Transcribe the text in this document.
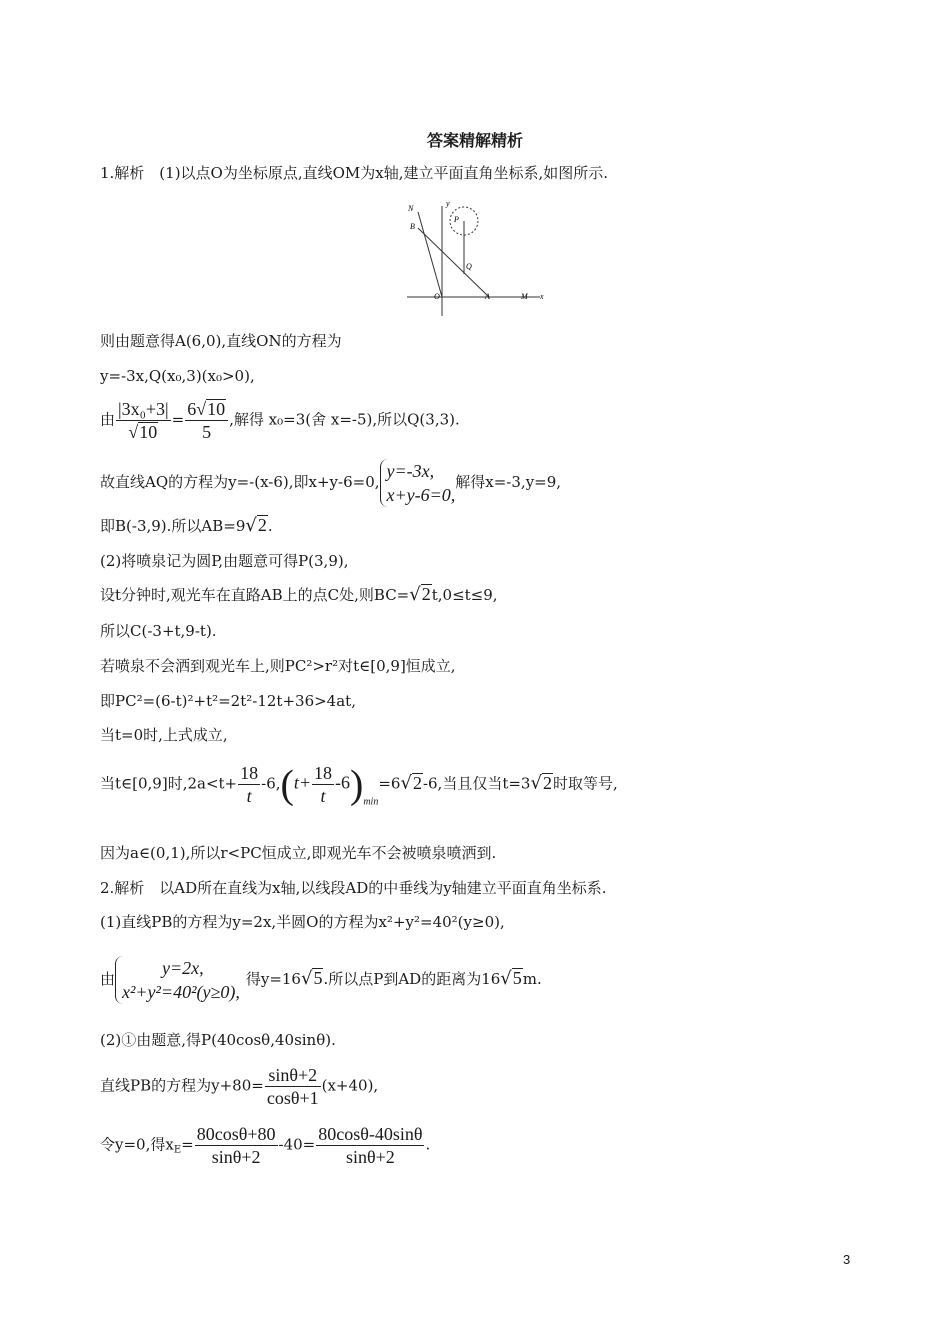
答案精解精析
1.解析　(1)以点O为坐标原点,直线OM为x轴,建立平面直角坐标系,如图所示.
N
B
y
P
Q
O	A	M x
则由题意得A(6,0),直线ON的方程为
y=-3x,Q(x₀,3)(x₀>0),
由 $\frac{\text{|3x₀+3|}}{√10} = \frac{6√10}{5}$ ,解得 x₀=3(舍 x=-5),所以Q(3,3).
故直线AQ的方程为y=-(x-6),即x+y-6=0,
y=-3x,
x+y-6=0,
解得x=-3,y=9,
即B(-3,9).所以AB=9√2.
(2)将喷泉记为圆P,由题意可得P(3,9),
设t分钟时,观光车在直路AB上的点C处,则BC=√2t,0≤t≤9,
所以C(-3+t,9-t).
若喷泉不会洒到观光车上,则PC²>r²对t∈[0,9]恒成立,
即PC²=(6-t)²+t²=2t²-12t+36>4at,
当t=0时,上式成立,
当t∈[0,9]时$,2a<t+ \frac{18}{t} -6,(t+ \frac{18}{t} -6)_{min}=6√2-6$,当且仅当t=3√2时取等号,
因为a∈(0,1),所以r<PC恒成立,即观光车不会被喷泉喷洒到.
2.解析　以AD所在直线为x轴,以线段AD的中垂线为y轴建立平面直角坐标系.
(1)直线PB的方程为y=2x,半圆O的方程为x²+y²=40²(y≥0),
由
y=2x,
x²+y²=40²(y≥0),
得y=16√5.所以点P到AD的距离为16√5m.
(2)①由题意,得P(40cosθ,40sinθ).
直线PB的方程为$y+80= \frac{\sin\theta+2}{\cos\theta+1} (x+40)$,
令y=0,得$x_E= \frac{80\cos\theta+80}{\sin\theta+2} -40= \frac{80\cos\theta-40\sin\theta}{\sin\theta+2}$ .
3
